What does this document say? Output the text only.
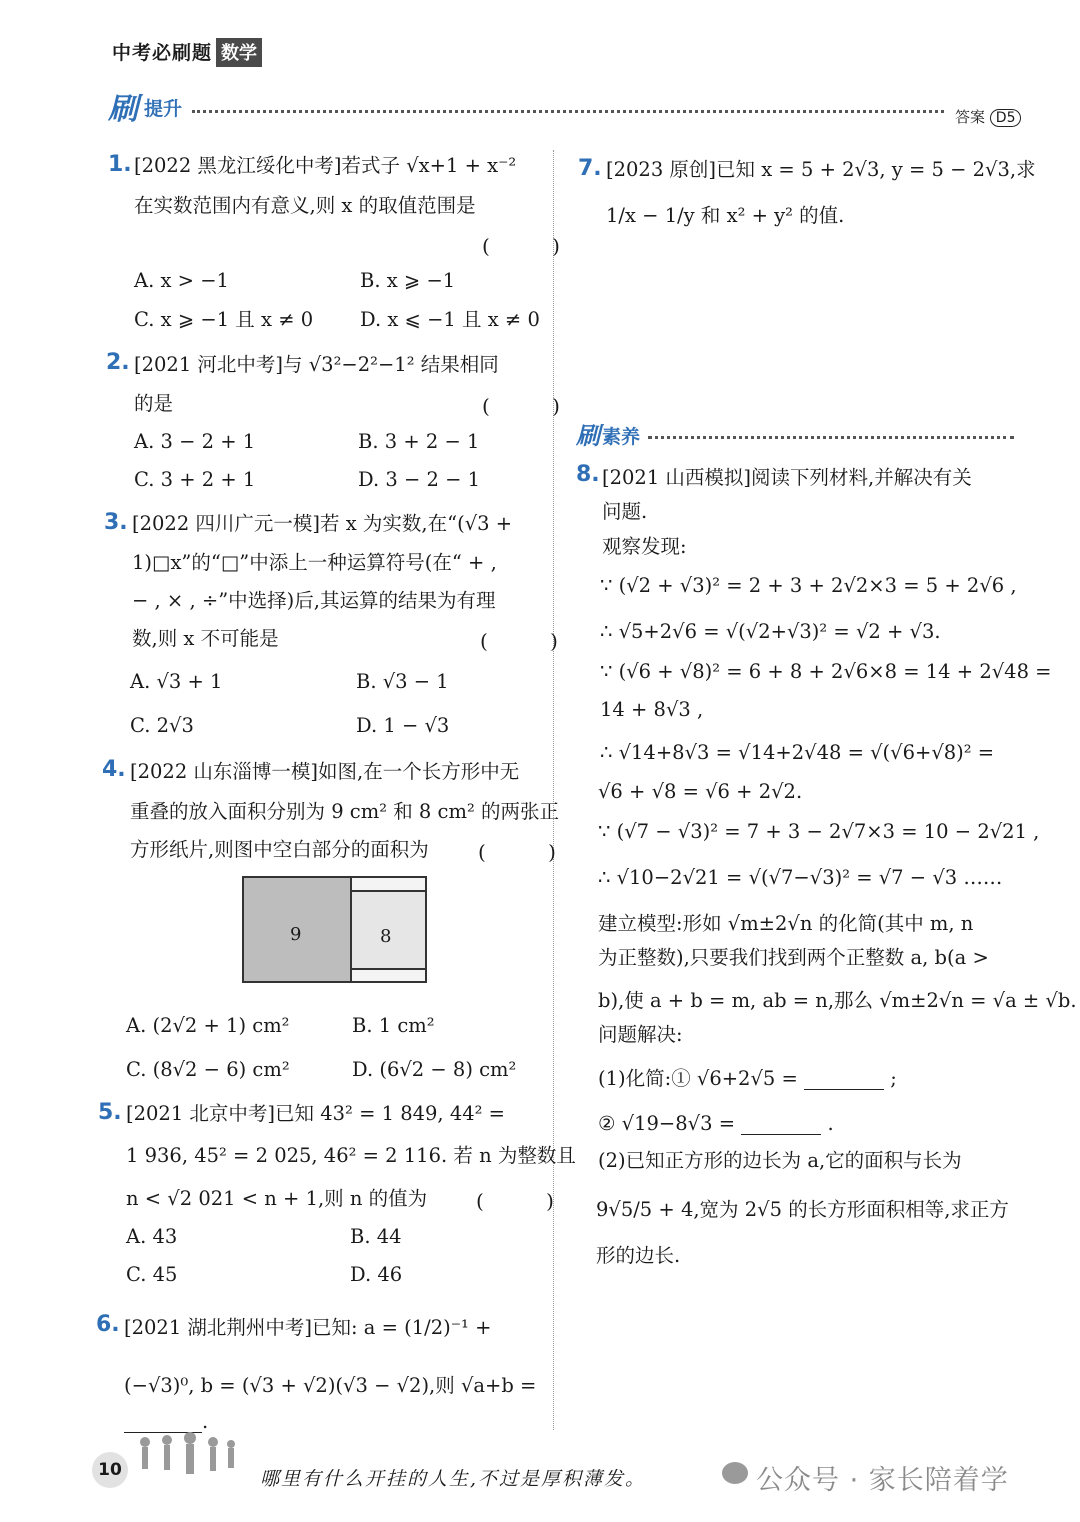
中考必刷题 数学
刷 提升	答案 D5
1. [2022 黑龙江绥化中考]若式子 √x+1 + x⁻²
在实数范围内有意义,则 x 的取值范围是
( )
A. x > −1	B. x ⩾ −1
C. x ⩾ −1 且 x ≠ 0 D. x ⩽ −1 且 x ≠ 0
2. [2021 河北中考]与 √3²−2²−1² 结果相同
的是	( )
A. 3 − 2 + 1	B. 3 + 2 − 1
C. 3 + 2 + 1	D. 3 − 2 − 1
3. [2022 四川广元一模]若 x 为实数,在“(√3 +
1)□x”的“□”中添上一种运算符号(在“ + ,
− , × , ÷”中选择)后,其运算的结果为有理
数,则 x 不可能是	( )
A. √3 + 1	B. √3 − 1
C. 2√3	D. 1 − √3
4. [2022 山东淄博一模]如图,在一个长方形中无
重叠的放入面积分别为 9 cm² 和 8 cm² 的两张正
方形纸片,则图中空白部分的面积为 ( )
9	8
A. (2√2 + 1) cm²	B. 1 cm²
C. (8√2 − 6) cm²	D. (6√2 − 8) cm²
5. [2021 北京中考]已知 43² = 1 849, 44² =
1 936, 45² = 2 025, 46² = 2 116. 若 n 为整数且
n < √2 021 < n + 1,则 n 的值为 ( )
A. 43	B. 44
C. 45	D. 46
6. [2021 湖北荆州中考]已知: a = (1/2)⁻¹ +
(−√3)⁰, b = (√3 + √2)(√3 − √2),则 √a+b =
.
7. [2023 原创]已知 x = 5 + 2√3, y = 5 − 2√3,求
1/x − 1/y 和 x² + y² 的值.
刷 素养
8. [2021 山西模拟]阅读下列材料,并解决有关
问题.
观察发现:
∵ (√2 + √3)² = 2 + 3 + 2√2×3 = 5 + 2√6 ,
∴ √5+2√6 = √(√2+√3)² = √2 + √3.
∵ (√6 + √8)² = 6 + 8 + 2√6×8 = 14 + 2√48 =
14 + 8√3 ,
∴ √14+8√3 = √14+2√48 = √(√6+√8)² =
√6 + √8 = √6 + 2√2.
∵ (√7 − √3)² = 7 + 3 − 2√7×3 = 10 − 2√21 ,
∴ √10−2√21 = √(√7−√3)² = √7 − √3 ……
建立模型:形如 √m±2√n 的化简(其中 m, n
为正整数),只要我们找到两个正整数 a, b(a >
b),使 a + b = m, ab = n,那么 √m±2√n = √a ± √b.
问题解决:
(1)化简:① √6+2√5 =	;
② √19−8√3 =	.
(2)已知正方形的边长为 a,它的面积与长为
9√5/5 + 4,宽为 2√5 的长方形面积相等,求正方
形的边长.
10	哪里有什么开挂的人生,不过是厚积薄发。	公众号 · 家长陪着学
